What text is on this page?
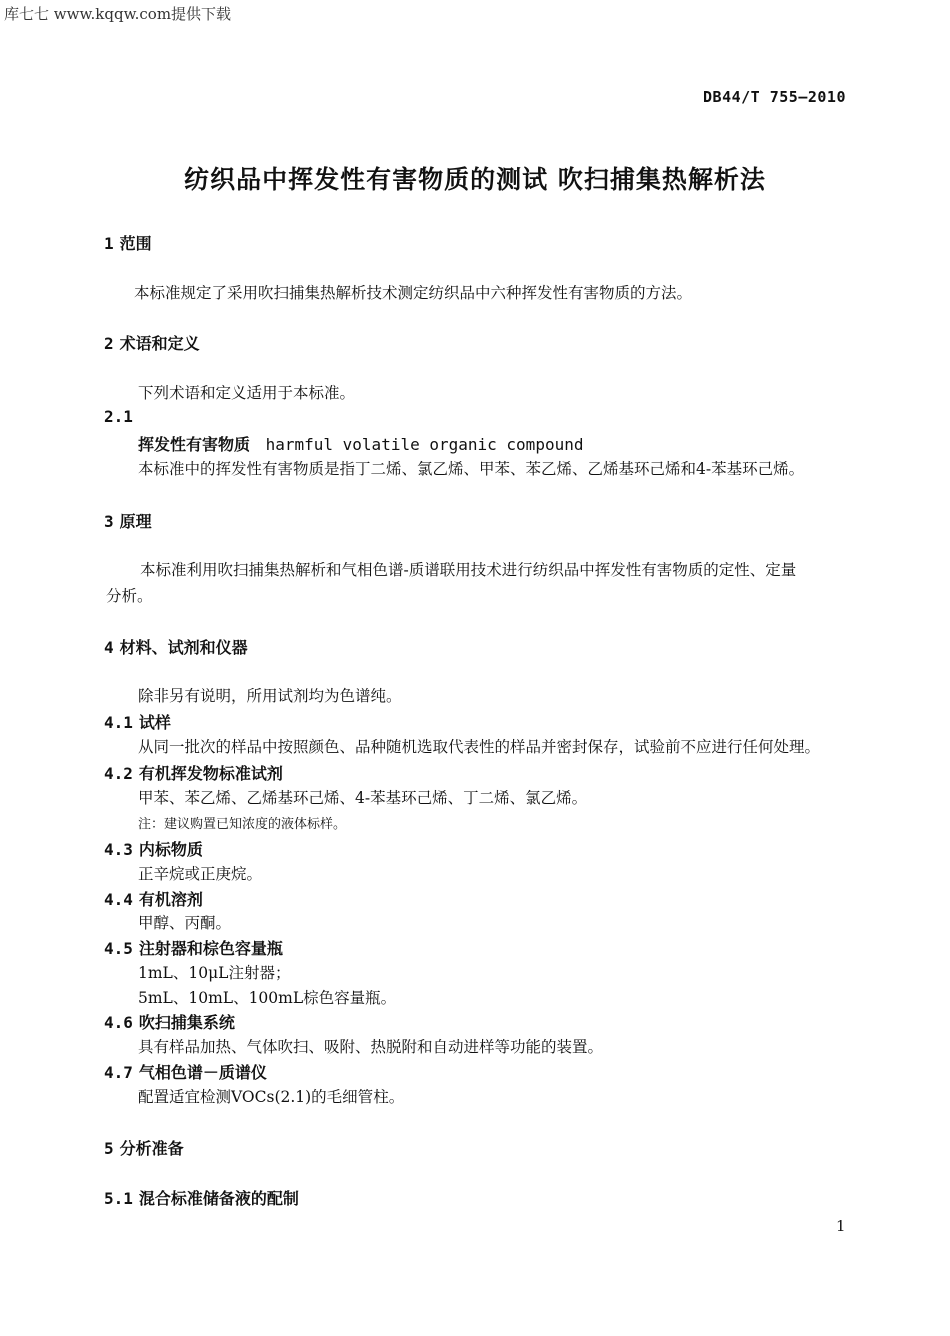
库七七 www.kqqw.com提供下载
DB44/T 755—2010
纺织品中挥发性有害物质的测试 吹扫捕集热解析法
1 范围
本标准规定了采用吹扫捕集热解析技术测定纺织品中六种挥发性有害物质的方法。
2 术语和定义
下列术语和定义适用于本标准。
2.1
挥发性有害物质 harmful volatile organic compound
本标准中的挥发性有害物质是指丁二烯、氯乙烯、甲苯、苯乙烯、乙烯基环己烯和4-苯基环己烯。
3 原理
本标准利用吹扫捕集热解析和气相色谱-质谱联用技术进行纺织品中挥发性有害物质的定性、定量
分析。
4 材料、试剂和仪器
除非另有说明，所用试剂均为色谱纯。
4.1 试样
从同一批次的样品中按照颜色、品种随机选取代表性的样品并密封保存，试验前不应进行任何处理。
4.2 有机挥发物标准试剂
甲苯、苯乙烯、乙烯基环己烯、4-苯基环己烯、丁二烯、氯乙烯。
注：建议购置已知浓度的液体标样。
4.3 内标物质
正辛烷或正庚烷。
4.4 有机溶剂
甲醇、丙酮。
4.5 注射器和棕色容量瓶
1mL、10μL注射器；
5mL、10mL、100mL棕色容量瓶。
4.6 吹扫捕集系统
具有样品加热、气体吹扫、吸附、热脱附和自动进样等功能的装置。
4.7 气相色谱－质谱仪
配置适宜检测VOCs(2.1)的毛细管柱。
5 分析准备
5.1 混合标准储备液的配制
1
